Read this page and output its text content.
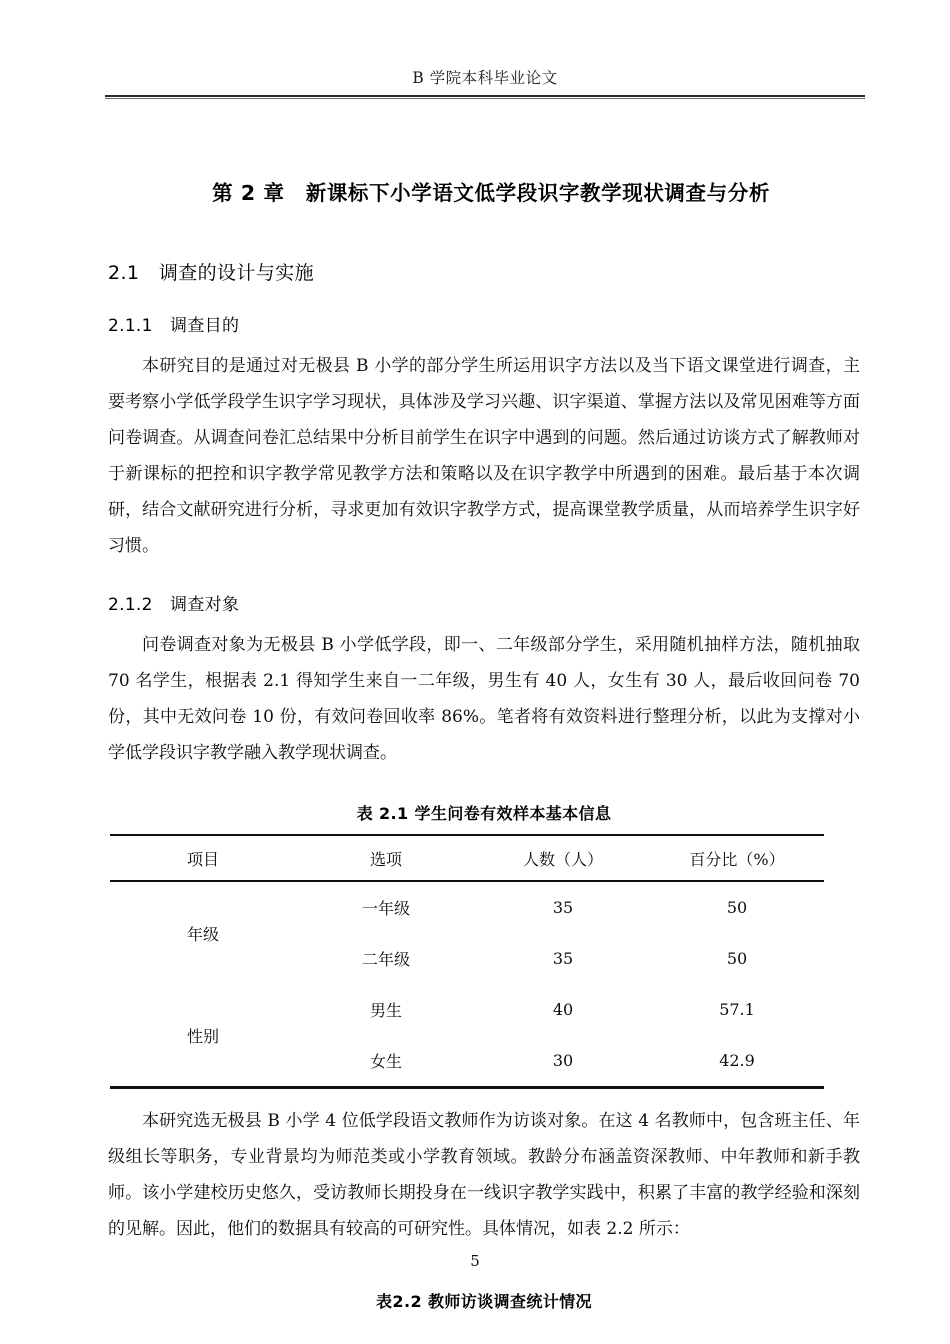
B 学院本科毕业论文
第 2 章　新课标下小学语文低学段识字教学现状调查与分析
2.1　调查的设计与实施
2.1.1　调查目的

本研究目的是通过对无极县 B 小学的部分学生所运用识字方法以及当下语文课堂进行调查，主要考察小学低学段学生识字学习现状，具体涉及学习兴趣、识字渠道、掌握方法以及常见困难等方面问卷调查。从调查问卷汇总结果中分析目前学生在识字中遇到的问题。然后通过访谈方式了解教师对于新课标的把控和识字教学常见教学方法和策略以及在识字教学中所遇到的困难。最后基于本次调研，结合文献研究进行分析，寻求更加有效识字教学方式，提高课堂教学质量，从而培养学生识字好习惯。

2.1.2　调查对象

问卷调查对象为无极县 B 小学低学段，即一、二年级部分学生，采用随机抽样方法，随机抽取 70 名学生，根据表 2.1 得知学生来自一二年级，男生有 40 人，女生有 30 人，最后收回问卷 70 份，其中无效问卷 10 份，有效问卷回收率 86%。笔者将有效资料进行整理分析，以此为支撑对小学低学段识字教学融入教学现状调查。

表 2.1 学生问卷有效样本基本信息
项目	选项	人数（人）	百分比（%）
年级	一年级	35	50
	二年级	35	50
性别	男生	40	57.1
	女生	30	42.9

本研究选无极县 B 小学 4 位低学段语文教师作为访谈对象。在这 4 名教师中，包含班主任、年级组长等职务，专业背景均为师范类或小学教育领域。教龄分布涵盖资深教师、中年教师和新手教师。该小学建校历史悠久，受访教师长期投身在一线识字教学实践中，积累了丰富的教学经验和深刻的见解。因此，他们的数据具有较高的可研究性。具体情况，如表 2.2 所示：

表2.2 教师访谈调查统计情况
5
